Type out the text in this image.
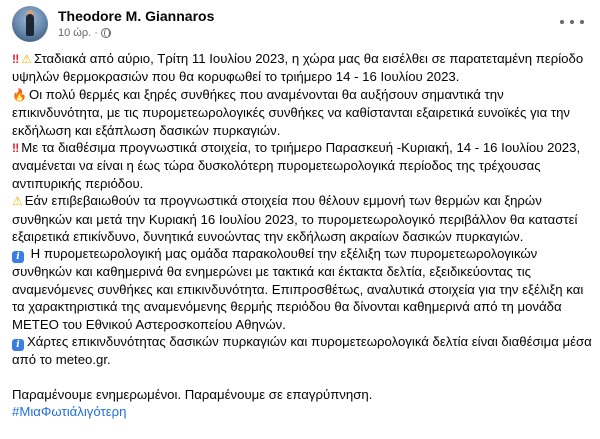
Theodore M. Giannaros
10 ώρ. ·

‼ ⚠ Σταδιακά από αύριο, Τρίτη 11 Ιουλίου 2023, η χώρα μας θα εισέλθει σε παρατεταμένη περίοδο υψηλών θερμοκρασιών που θα κορυφωθεί το τριήμερο 14 - 16 Ιουλίου 2023.

🔥 Οι πολύ θερμές και ξηρές συνθήκες που αναμένονται θα αυξήσουν σημαντικά την επικινδυνότητα, με τις πυρομετεωρολογικές συνθήκες να καθίστανται εξαιρετικά ευνοϊκές για την εκδήλωση και εξάπλωση δασικών πυρκαγιών.

‼ Με τα διαθέσιμα προγνωστικά στοιχεία, το τριήμερο Παρασκευή -Κυριακή, 14 - 16 Ιουλίου 2023, αναμένεται να είναι η έως τώρα δυσκολότερη πυρομετεωρολογικά περίοδος της τρέχουσας αντιπυρικής περιόδου.

⚠ Εάν επιβεβαιωθούν τα προγνωστικά στοιχεία που θέλουν εμμονή των θερμών και ξηρών συνθηκών και μετά την Κυριακή 16 Ιουλίου 2023, το πυρομετεωρολογικό περιβάλλον θα καταστεί εξαιρετικά επικίνδυνο, δυνητικά ευνοώντας την εκδήλωση ακραίων δασικών πυρκαγιών.

i Η πυρομετεωρολογική μας ομάδα παρακολουθεί την εξέλιξη των πυρομετεωρολογικών συνθηκών και καθημερινά θα ενημερώνει με τακτικά και έκτακτα δελτία, εξειδικεύοντας τις αναμενόμενες συνθήκες και επικινδυνότητα. Επιπροσθέτως, αναλυτικά στοιχεία για την εξέλιξη και τα χαρακτηριστικά της αναμενόμενης θερμής περιόδου θα δίνονται καθημερινά από τη μονάδα ΜΕΤΕΟ του Εθνικού Αστεροσκοπείου Αθηνών.

i Χάρτες επικινδυνότητας δασικών πυρκαγιών και πυρομετεωρολογικά δελτία είναι διαθέσιμα μέσα από το meteo.gr.

Παραμένουμε ενημερωμένοι. Παραμένουμε σε επαγρύπνηση.

#ΜιαΦωτιάλιγότερη
